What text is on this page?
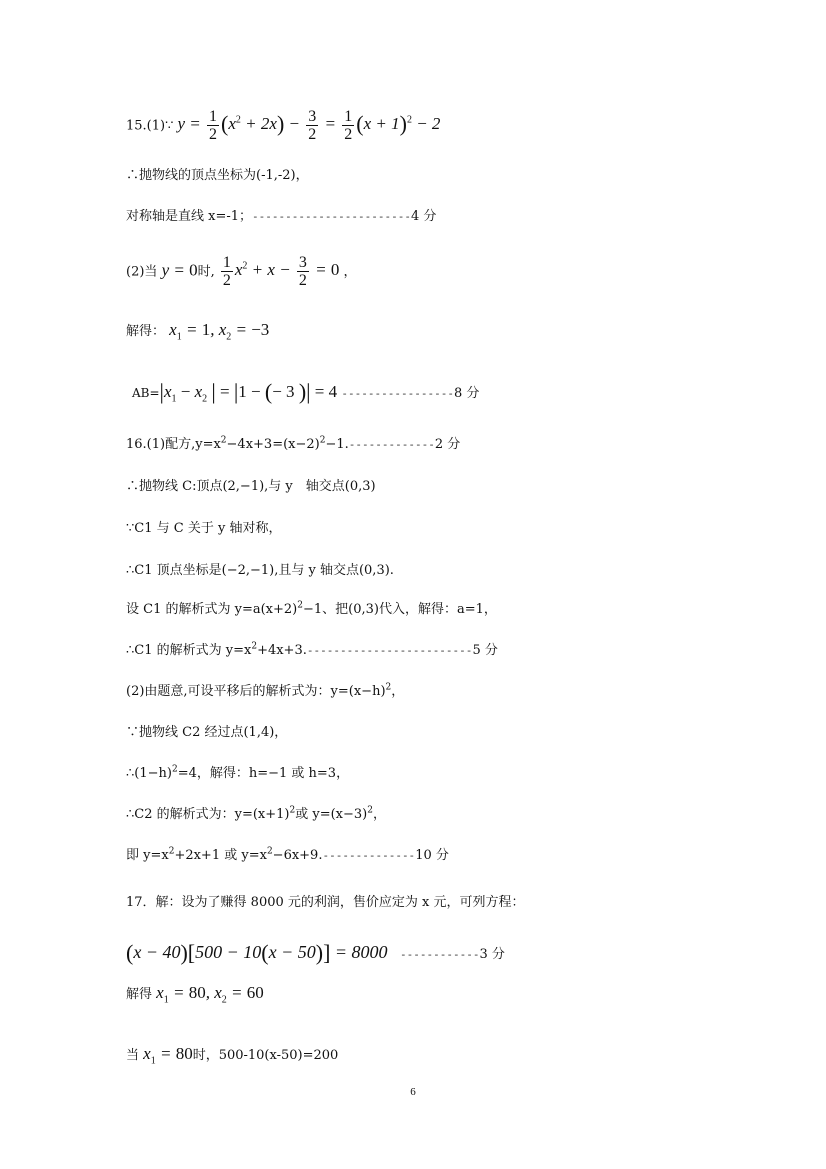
15.(1)∵ $y = \frac{1}{2} (x^2 + 2x) - \frac{3}{2} = \frac{1}{2} (x + 1)^2 - 2$
∴抛物线的顶点坐标为(-1,-2)，
对称轴是直线 x=-1；------------------------4 分
(2)当 y = 0时, $\frac{1}{2} x^2 + x - \frac{3}{2} = 0$ ，
解得： $x_1 = 1$, $x_2 = -3$
$AB=|x_1 - x_2$ | = |1 − (− 3 )| = 4 -----------------8 分
16.(1)配方$,y=x^2-4x+3=(x-2)^2-1.-------------2$ 分
∴抛物线 C:顶点(2,−1),与 y　轴交点(0,3)
∵C1 与 C 关于 y 轴对称，
∴C1 顶点坐标是(−2,−1),且与 y 轴交点(0,3).
设 C1 的解析式为 $y=a(x+2)^2-1$、把(0,3)代入，解得：a=1，
∴C1 的解析式为 $y=x^2+4x+3.-------------------------5$ 分
(2)由题意,可设平移后的解析式为：$y=(x-h)^2$，
∵抛物线 C2 经过点(1,4)，
$\therefore(1-h)^2=4$，解得：h=−1 或 h=3，
∴C2 的解析式为：$y=(x+1)^2$或 $y=(x-3)^2$，
即 $y=x^2+2x+1$ 或 $y=x^2-6x+9.--------------10$ 分
17．解：设为了赚得 8000 元的利润，售价应定为 x 元，可列方程：
(x − 40)[500 − 10(x − 50)] = 8000 ------------3 分
解得 $x_1 = 80$, $x_2 = 60$
当 $x_1 = 80$时，500-10(x-50)=200
6
